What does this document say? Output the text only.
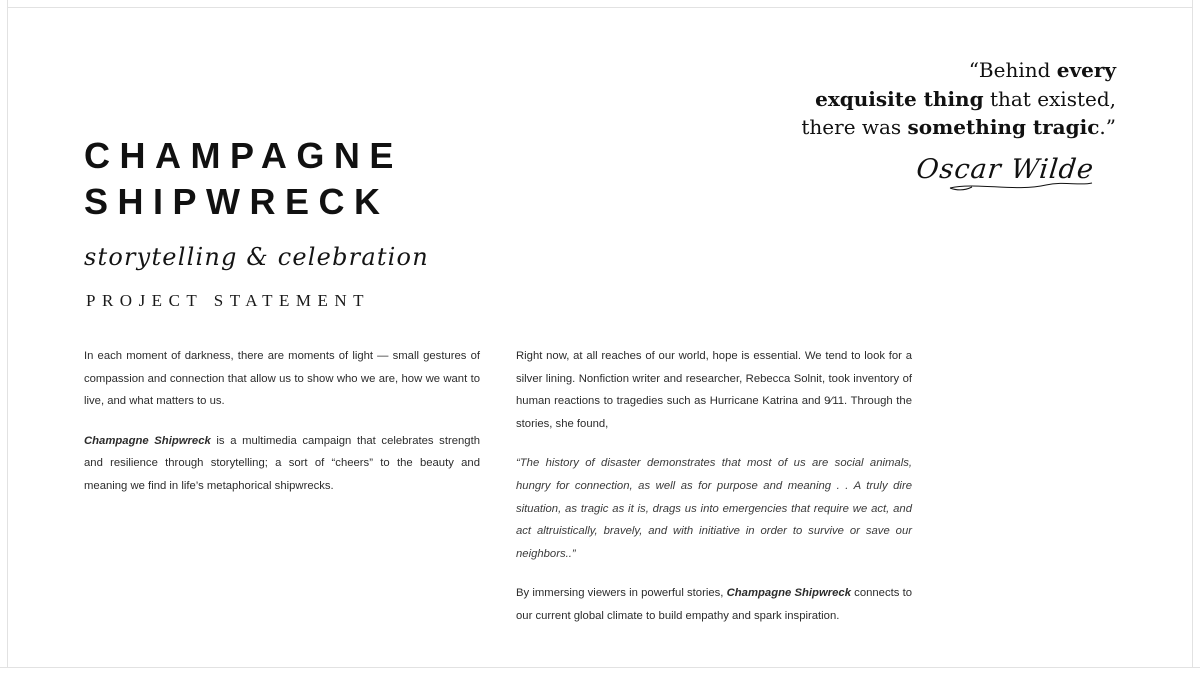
CHAMPAGNE
SHIPWRECK
storytelling & celebration
PROJECT STATEMENT
“Behind every
exquisite thing that existed,
there was something tragic.”
Oscar Wilde

In each moment of darkness, there are moments of light — small gestures of compassion and connection that allow us to show who we are, how we want to live, and what matters to us.

Champagne Shipwreck is a multimedia campaign that celebrates strength and resilience through storytelling; a sort of “cheers” to the beauty and meaning we find in life’s metaphorical shipwrecks.

Right now, at all reaches of our world, hope is essential. We tend to look for a silver lining. Nonfiction writer and researcher, Rebecca Solnit, took inventory of human reactions to tragedies such as Hurricane Katrina and 9⁄11. Through the stories, she found,

“The history of disaster demonstrates that most of us are social animals, hungry for connection, as well as for purpose and meaning . . A truly dire situation, as tragic as it is, drags us into emergencies that require we act, and act altruistically, bravely, and with initiative in order to survive or save our neighbors..”

By immersing viewers in powerful stories, Champagne Shipwreck connects to our current global climate to build empathy and spark inspiration.
